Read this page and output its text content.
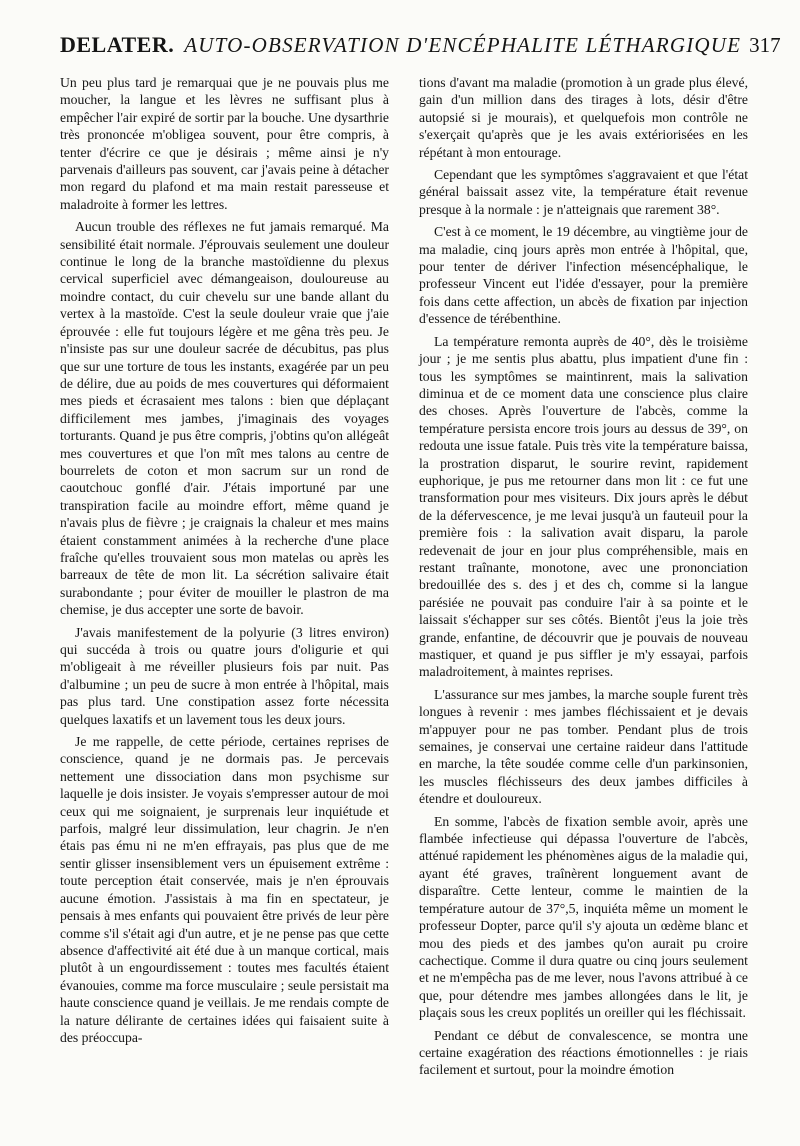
DELATER. AUTO-OBSERVATION D'ENCÉPHALITE LÉTHARGIQUE 317

Un peu plus tard je remarquai que je ne pouvais plus me moucher, la langue et les lèvres ne suffisant plus à empêcher l'air expiré de sortir par la bouche. Une dysarthrie très prononcée m'obligea souvent, pour être compris, à tenter d'écrire ce que je désirais ; même ainsi je n'y parvenais d'ailleurs pas souvent, car j'avais peine à détacher mon regard du plafond et ma main restait paresseuse et maladroite à former les lettres.

Aucun trouble des réflexes ne fut jamais remarqué. Ma sensibilité était normale. J'éprouvais seulement une douleur continue le long de la branche mastoïdienne du plexus cervical superficiel avec démangeaison, douloureuse au moindre contact, du cuir chevelu sur une bande allant du vertex à la mastoïde. C'est la seule douleur vraie que j'aie éprouvée : elle fut toujours légère et me gêna très peu. Je n'insiste pas sur une douleur sacrée de décubitus, pas plus que sur une torture de tous les instants, exagérée par un peu de délire, due au poids de mes couvertures qui déformaient mes pieds et écrasaient mes talons : bien que déplaçant difficilement mes jambes, j'imaginais des voyages torturants. Quand je pus être compris, j'obtins qu'on allégeât mes couvertures et que l'on mît mes talons au centre de bourrelets de coton et mon sacrum sur un rond de caoutchouc gonflé d'air. J'étais importuné par une transpiration facile au moindre effort, même quand je n'avais plus de fièvre ; je craignais la chaleur et mes mains étaient constamment animées à la recherche d'une place fraîche qu'elles trouvaient sous mon matelas ou après les barreaux de tête de mon lit. La sécrétion salivaire était surabondante ; pour éviter de mouiller le plastron de ma chemise, je dus accepter une sorte de bavoir.

J'avais manifestement de la polyurie (3 litres environ) qui succéda à trois ou quatre jours d'oligurie et qui m'obligeait à me réveiller plusieurs fois par nuit. Pas d'albumine ; un peu de sucre à mon entrée à l'hôpital, mais pas plus tard. Une constipation assez forte nécessita quelques laxatifs et un lavement tous les deux jours.

Je me rappelle, de cette période, certaines reprises de conscience, quand je ne dormais pas. Je percevais nettement une dissociation dans mon psychisme sur laquelle je dois insister. Je voyais s'empresser autour de moi ceux qui me soignaient, je surprenais leur inquiétude et parfois, malgré leur dissimulation, leur chagrin. Je n'en étais pas ému ni ne m'en effrayais, pas plus que de me sentir glisser insensiblement vers un épuisement extrême : toute perception était conservée, mais je n'en éprouvais aucune émotion. J'assistais à ma fin en spectateur, je pensais à mes enfants qui pouvaient être privés de leur père comme s'il s'était agi d'un autre, et je ne pense pas que cette absence d'affectivité ait été due à un manque cortical, mais plutôt à un engourdissement : toutes mes facultés étaient évanouies, comme ma force musculaire ; seule persistait ma haute conscience quand je veillais. Je me rendais compte de la nature délirante de certaines idées qui faisaient suite à des préoccupa-

tions d'avant ma maladie (promotion à un grade plus élevé, gain d'un million dans des tirages à lots, désir d'être autopsié si je mourais), et quelquefois mon contrôle ne s'exerçait qu'après que je les avais extériorisées en les répétant à mon entourage.

Cependant que les symptômes s'aggravaient et que l'état général baissait assez vite, la température était revenue presque à la normale : je n'atteignais que rarement 38°.

C'est à ce moment, le 19 décembre, au vingtième jour de ma maladie, cinq jours après mon entrée à l'hôpital, que, pour tenter de dériver l'infection mésencéphalique, le professeur Vincent eut l'idée d'essayer, pour la première fois dans cette affection, un abcès de fixation par injection d'essence de térébenthine.

La température remonta auprès de 40°, dès le troisième jour ; je me sentis plus abattu, plus impatient d'une fin : tous les symptômes se maintinrent, mais la salivation diminua et de ce moment data une conscience plus claire des choses. Après l'ouverture de l'abcès, comme la température persista encore trois jours au dessus de 39°, on redouta une issue fatale. Puis très vite la température baissa, la prostration disparut, le sourire revint, rapidement euphorique, je pus me retourner dans mon lit : ce fut une transformation pour mes visiteurs. Dix jours après le début de la défervescence, je me levai jusqu'à un fauteuil pour la première fois : la salivation avait disparu, la parole redevenait de jour en jour plus compréhensible, mais en restant traînante, monotone, avec une prononciation bredouillée des s. des j et des ch, comme si la langue parésiée ne pouvait pas conduire l'air à sa pointe et le laissait s'échapper sur ses côtés. Bientôt j'eus la joie très grande, enfantine, de découvrir que je pouvais de nouveau mastiquer, et quand je pus siffler je m'y essayai, parfois maladroitement, à maintes reprises.

L'assurance sur mes jambes, la marche souple furent très longues à revenir : mes jambes fléchissaient et je devais m'appuyer pour ne pas tomber. Pendant plus de trois semaines, je conservai une certaine raideur dans l'attitude en marche, la tête soudée comme celle d'un parkinsonien, les muscles fléchisseurs des deux jambes difficiles à étendre et douloureux.

En somme, l'abcès de fixation semble avoir, après une flambée infectieuse qui dépassa l'ouverture de l'abcès, atténué rapidement les phénomènes aigus de la maladie qui, ayant été graves, traînèrent longuement avant de disparaître. Cette lenteur, comme le maintien de la température autour de 37°,5, inquiéta même un moment le professeur Dopter, parce qu'il s'y ajouta un œdème blanc et mou des pieds et des jambes qu'on aurait pu croire cachectique. Comme il dura quatre ou cinq jours seulement et ne m'empêcha pas de me lever, nous l'avons attribué à ce que, pour détendre mes jambes allongées dans le lit, je plaçais sous les creux poplités un oreiller qui les fléchissait.

Pendant ce début de convalescence, se montra une certaine exagération des réactions émotionnelles : je riais facilement et surtout, pour la moindre émotion
